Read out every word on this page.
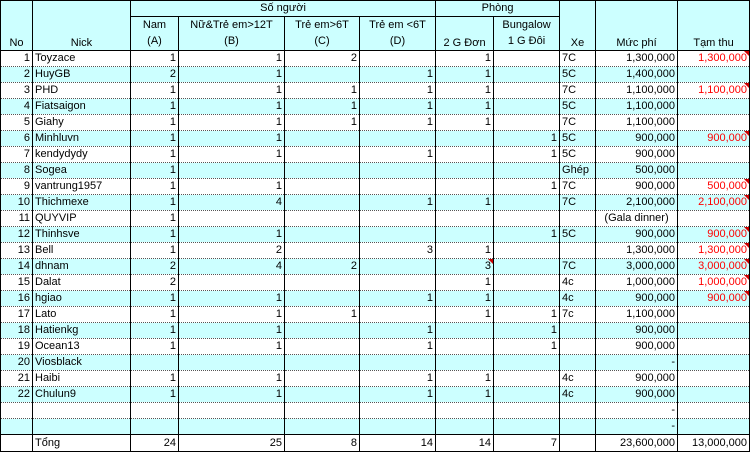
No	Nick	Số người				Phòng		Xe	Mức phí	Tạm thu
		Nam	Nữ&Trẻ em>12T	Trẻ em>6T	Trẻ em <6T	2 G Đơn	Bungalow			
		(A)	(B)	(C)	(D)		1 G Đôi			
1	Toyzace	1	1	2		1		7C	1,300,000	1,300,000
2	HuyGB	2	1		1	1		5C	1,400,000	
3	PHD	1	1	1	1	1		7C	1,100,000	1,100,000
4	Fiatsaigon	1	1	1	1	1		5C	1,100,000	
5	Giahy	1	1	1	1	1		7C	1,100,000	
6	Minhluvn	1	1				1	5C	900,000	900,000
7	kendydydy	1	1		1		1	5C	900,000	
8	Sogea	1						Ghép	500,000	
9	vantrung1957	1	1				1	7C	900,000	500,000
10	Thichmexe	1	4		1	1		7C	2,100,000	2,100,000
11	QUYVIP	1							(Gala dinner)	
12	Thinhsve	1	1				1	5C	900,000	900,000
13	Bell	1	2		3	1			1,300,000	1,300,000
14	dhnam	2	4	2		3		7C	3,000,000	3,000,000
15	Dalat	2				1		4c	1,000,000	1,000,000
16	hgiao	1	1		1	1		4c	900,000	900,000
17	Lato	1	1	1		1	1	7c	1,100,000	
18	Hatienkg	1	1		1		1		900,000	
19	Ocean13	1	1		1		1		900,000	
20	Viosblack								-	
21	Haibi	1	1		1	1		4c	900,000	
22	Chulun9	1	1		1	1		4c	900,000	
									-	
									-	
	Tổng	24	25	8	14	14	7		23,600,000	13,000,000
